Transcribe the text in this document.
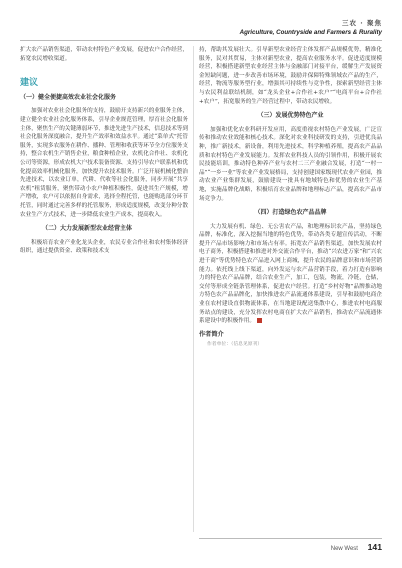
三农 · 聚焦
Agriculture, Countryside and Farmers & Rurality

扩大农产品销售渠道，带动农村特色产业发展，促进农户合作经营，拓宽农民增收渠道。

建议
（一）健全便捷高效农业社会化服务

加强对农业社会化服务的支持，鼓励开支持新兴的业服务主体，建立健全农业社会化服务体系，引导企业规范管理，厚育社会化服务主体，聚焦生产的关键薄弱环节，推进先进生产技术，信息技术等到社会化服务深度融合，提升生产效率和效益水平。通过“菜单式”托管服务，实现多农服务在耕作、播种、管理和收获等环节全方位服务支持，整合农机生产销售企业，粮食种植企业，农机化合作社、农机化公司等资源，形成农机大户技术装备资源、支持引导农户联系机和优化提高效率机械化服务，加快提升农技术服务。广泛开展机械化整治先进技术，以农业订单，代耕、代收等社会化服务，同步开展“共享农机”租赁服务，聚焦带动小农户种植积极性，促进其生产规模，增产增收，农户可以依据自身需求，选择全程托管，也能购选部分环节托管，同时通过完善多样的托管服务，形成适度规模，改变分种分散农业生产方式技术，进一步降低农业生产成本，提高收入。

（二）大力发展新型农业经营主体

积极培育农业产业化龙头企业，农民专业合作社和农村集体经济组织，通过提供资金、政策和技术支

持，帮助其发展壮大。引导新型农业经营主体发挥产品规模优势，精准化服务，民对其贸易，主体对新型农业，提高农业服务水平。促进适度规模经营，积极搭建新型农业经营主体与金融部门对接平台，缓解生产发展资金短缺问题，进一步改善市场环境，鼓励并保障特殊领域农产品的生产，经营，物流等服务型行业，增强其可持续性与竞争性，探索新型经营主体与农民利益联结机制，如“龙头企业+合作社+农户”“电商平台+合作社+农户”，拓宽服务的生产经营过程中，带动农民增收。

（三）发展优势特色产业

加强和优化农业科研开发应用，高度重视农村特色产业发展，广泛宣传和推动农业效能和核心技术。深化对农业科技研发的支持，引进优良品种，推广新技术，新设备，利用先进技术，科学种植养殖，提高农产品品质和农村特色产业发展能力。发挥农业科技人员的引领作用，积极开展农民技能培训，推动特色种养产业与农村二三产业融合发展，打造“一村一品”“一乡一业”等农业产业发展格局，支持创建国家级现代农业产业园，推动农业产业集群发展，鼓励建设一批具有地域特色和优势的农业生产基地，实施品牌化战略，积极培育农业品牌和地理标志产品，提高农产品市场竞争力。

（四）打造绿色农产品品牌

大力发展有机、绿色、无公害农产品，和地理标识农产品，坚持绿色品牌，标准化，深入挖掘当地的特色优势，带动各类专题宣传活动，不断提升产品市场影响力和市场占有率。拓宽农产品销售渠道，加快发展农村电子商务，积极搭建和推进对外交流合作平台，推动“兴农进万家”和“兴农进千商”等优势特色农产品进入网上商城，提升农民的品牌意识和市场营销能力。依托线上线下渠道，向外发运与农产品营销手段，着力打造有影响力的特色农产品品牌，结合农业生产，加工，包装，物流，冷链，仓储，交付等形成全链条管理体系，促进农户经营。打造“乡村好物”品牌推动地方特色农产品品牌化，加快推进农产品流通体系建设，引导和鼓励电商企业在农村建设直供物流体系，在当地建设配送集散中心，推进农村电商服务站点的建设，充分发挥农村电商在扩大农产品销售，推动农产品流通体系建设中的积极作用。

作者简介
作者单位：（信息见原刊）
New West 141
